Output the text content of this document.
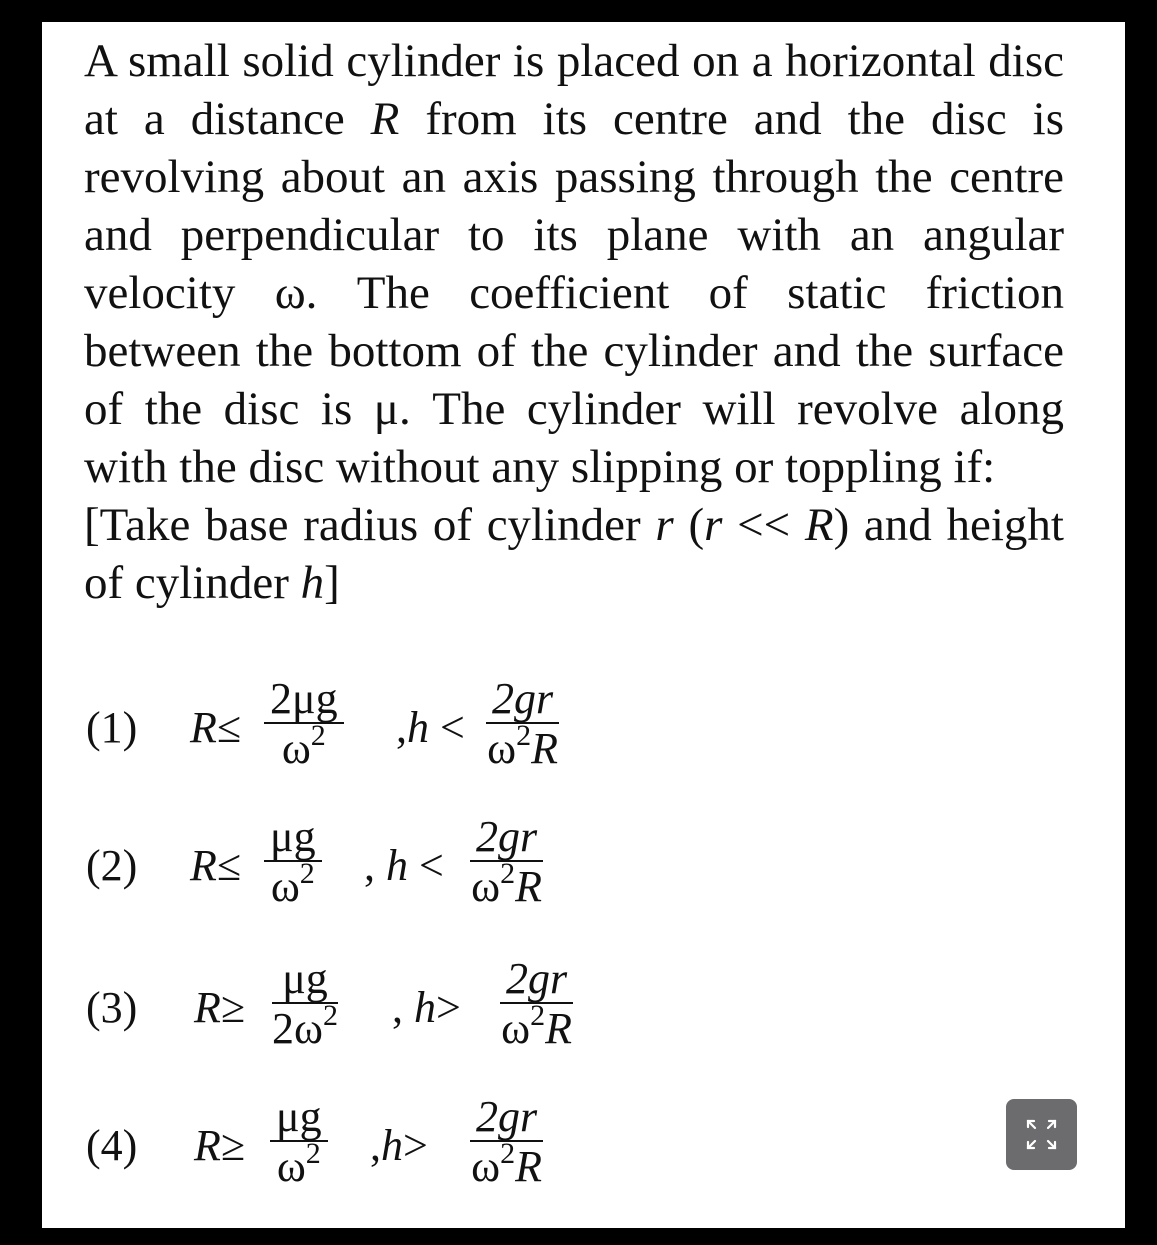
A small solid cylinder is placed on a horizontal disc at a distance R from its centre and the disc is revolving about an axis passing through the centre and perpendicular to its plane with an angular velocity ω. The coefficient of static friction between the bottom of the cylinder and the surface of the disc is μ. The cylinder will revolve along with the disc without any slipping or toppling if:

[Take base radius of cylinder r (r << R) and height of cylinder h]

(1) $R\le \frac{2\mu g}{\omega^2} ,h < \frac{2gr}{\omega^2R}$
(2) $R\le \frac{\mu g}{\omega^2}$ , $h < \frac{2gr}{\omega^2R}$
(3) $R\ge \frac{\mu g}{2\omega^2}$ , $h> \frac{2gr}{\omega^2R}$
(4) $R\ge \frac{\mu g}{\omega^2} ,h> \frac{2gr}{\omega^2R}$
